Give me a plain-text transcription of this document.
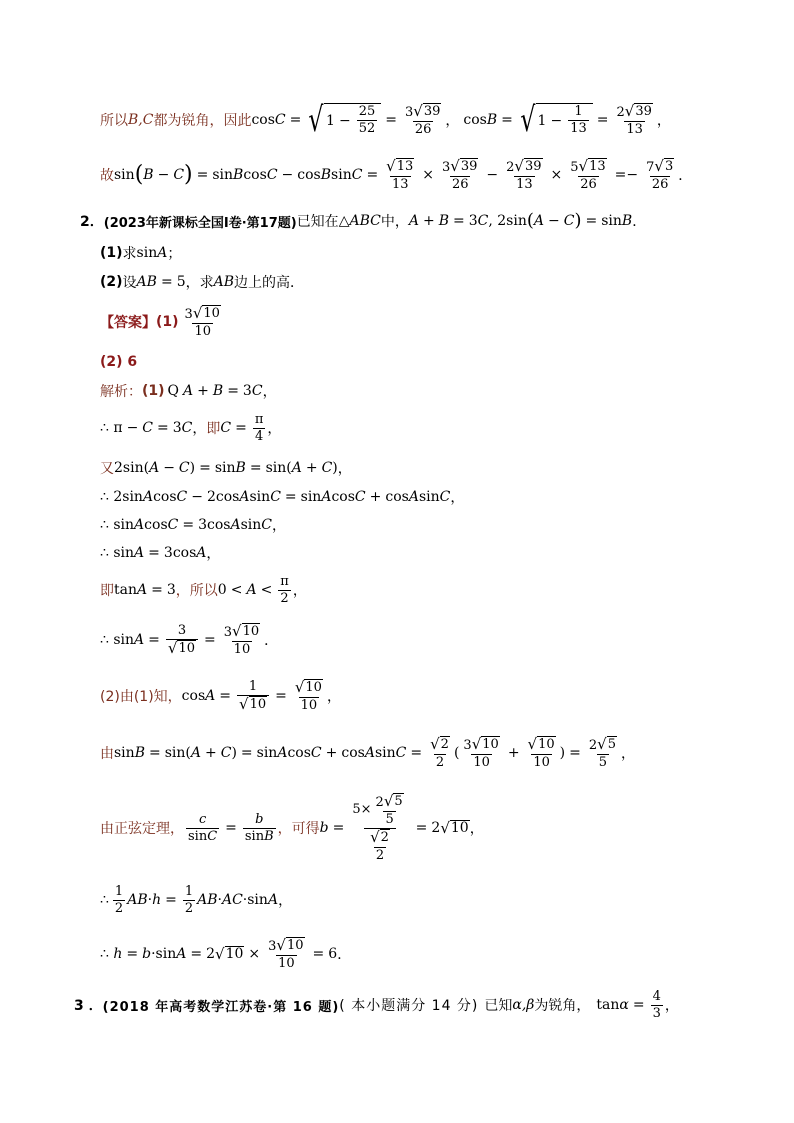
所以 B,C 都为锐角，因此 cosC = √ $1 - \frac{25}{52} = \frac{3 √ 39}{26}$ ， cosB = √ $1 - \frac{1}{13} = \frac{2 √ 39}{13}$ ，
故 sin ( B − C ) = sinBcosC − cosBsinC = $\frac{√ 13}{13} \times \frac{3 √ 39}{26} - \frac{2 √ 39}{13} \times \frac{5 √ 13}{26} =- \frac{7 √ 3}{26}$ ．
2． (2023年新课标全国Ⅰ卷·第17题) 已知在 △ABC 中， A + B = 3C, 2sin ( A − C ) = sinB ．
(1) 求 sinA ；
(2) 设 AB = 5 ，求 AB 边上的高．
【答案】 $(1) \frac{3 √ 10}{10}$
(2) 6
解析： (1) Q A + B = 3C ，
∴ π − C = 3C ， 即 $C = \frac{\pi}{4}$ ，
又 2sin(A − C) = sinB = sin(A + C) ，
∴ 2sinAcosC − 2cosAsinC = sinAcosC + cosAsinC ，
∴ sinAcosC = 3cosAsinC ，
∴ sinA = 3cosA ，
即 tanA = 3 ，所以 $0 < A < \frac{\pi}{2}$ ，
∴ $\sin A = \frac{3}{√ 10} = \frac{3 √ 10}{10}$ ．
(2)由(1)知， $\cos A = \frac{1}{√ 10} = \frac{√ 10}{10}$ ，
由 sinB = sin(A + C) = sinAcosC + cosAsinC = $\frac{√ 2}{2}$ ( $\frac{3 √ 10}{10} + \frac{√ 10}{10}$ ) = $\frac{2 √ 5}{5}$ ，
由正弦定理， $\frac{c}{\sin C} = \frac{b}{\sin B}$ ，可得 $b = \frac{5\times \frac{2 √ 5}{5}}{\frac{√ 2}{2}} = 2$ √ 10 ，
∴ $\frac{1}{2}$ AB $\cdot h = \frac{1}{2}$ AB ·AC·sinA ，
∴ h = b·sinA = 2 √ $10 \times \frac{3 √ 10}{10} = 6$ ．
3 ． (2018 年高考数学江苏卷·第 16 题) ( 本小题满分 14 分) 已知 α,β 为锐角， $\tan\alpha = \frac{4}{3}$ ，
